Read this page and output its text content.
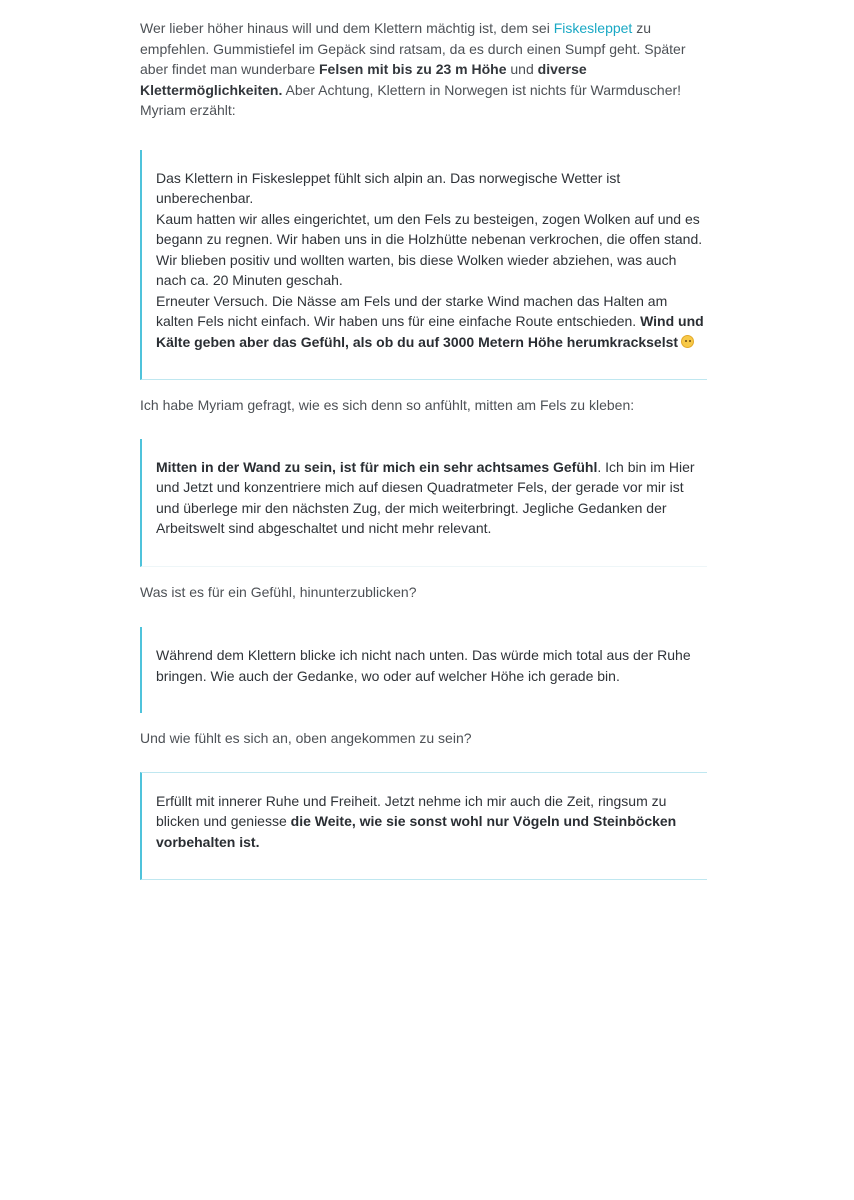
Wer lieber höher hinaus will und dem Klettern mächtig ist, dem sei Fiskesleppet zu empfehlen. Gummistiefel im Gepäck sind ratsam, da es durch einen Sumpf geht. Später aber findet man wunderbare Felsen mit bis zu 23 m Höhe und diverse Klettermöglichkeiten. Aber Achtung, Klettern in Norwegen ist nichts für Warmduscher! Myriam erzählt:

Das Klettern in Fiskesleppet fühlt sich alpin an. Das norwegische Wetter ist unberechenbar.

Kaum hatten wir alles eingerichtet, um den Fels zu besteigen, zogen Wolken auf und es begann zu regnen. Wir haben uns in die Holzhütte nebenan verkrochen, die offen stand. Wir blieben positiv und wollten warten, bis diese Wolken wieder abziehen, was auch nach ca. 20 Minuten geschah.

Erneuter Versuch. Die Nässe am Fels und der starke Wind machen das Halten am kalten Fels nicht einfach. Wir haben uns für eine einfache Route entschieden. Wind und Kälte geben aber das Gefühl, als ob du auf 3000 Metern Höhe herumkrackselst

Ich habe Myriam gefragt, wie es sich denn so anfühlt, mitten am Fels zu kleben:

Mitten in der Wand zu sein, ist für mich ein sehr achtsames Gefühl. Ich bin im Hier und Jetzt und konzentriere mich auf diesen Quadratmeter Fels, der gerade vor mir ist und überlege mir den nächsten Zug, der mich weiterbringt. Jegliche Gedanken der Arbeitswelt sind abgeschaltet und nicht mehr relevant.

Was ist es für ein Gefühl, hinunterzublicken?

Während dem Klettern blicke ich nicht nach unten. Das würde mich total aus der Ruhe bringen. Wie auch der Gedanke, wo oder auf welcher Höhe ich gerade bin.

Und wie fühlt es sich an, oben angekommen zu sein?

Erfüllt mit innerer Ruhe und Freiheit. Jetzt nehme ich mir auch die Zeit, ringsum zu blicken und geniesse die Weite, wie sie sonst wohl nur Vögeln und Steinböcken vorbehalten ist.
